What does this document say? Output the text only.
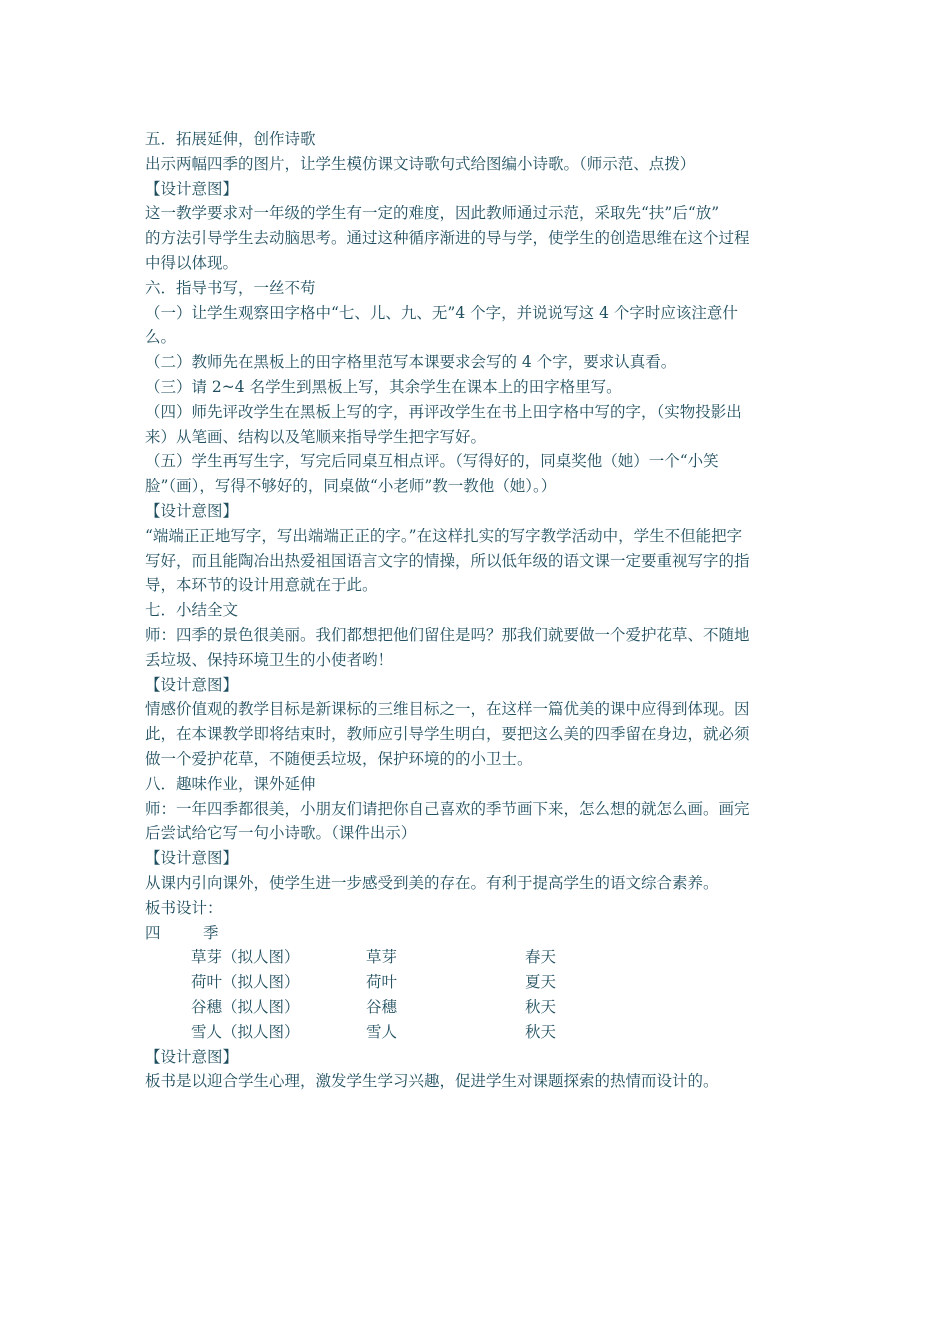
五．拓展延伸，创作诗歌
出示两幅四季的图片，让学生模仿课文诗歌句式给图编小诗歌。（师示范、点拨）
【设计意图】
这一教学要求对一年级的学生有一定的难度，因此教师通过示范，采取先“扶”后“放”
的方法引导学生去动脑思考。通过这种循序渐进的导与学，使学生的创造思维在这个过程
中得以体现。
六．指导书写，一丝不苟
（一）让学生观察田字格中“七、儿、九、无”4 个字，并说说写这 4 个字时应该注意什
么。
（二）教师先在黑板上的田字格里范写本课要求会写的 4 个字，要求认真看。
（三）请 2~4 名学生到黑板上写，其余学生在课本上的田字格里写。
（四）师先评改学生在黑板上写的字，再评改学生在书上田字格中写的字，（实物投影出
来）从笔画、结构以及笔顺来指导学生把字写好。
（五）学生再写生字，写完后同桌互相点评。（写得好的，同桌奖他（她）一个“小笑
脸”（画），写得不够好的，同桌做“小老师”教一教他（她）。）
【设计意图】
“端端正正地写字，写出端端正正的字。”在这样扎实的写字教学活动中，学生不但能把字
写好，而且能陶冶出热爱祖国语言文字的情操，所以低年级的语文课一定要重视写字的指
导，本环节的设计用意就在于此。
七．小结全文
师：四季的景色很美丽。我们都想把他们留住是吗？那我们就要做一个爱护花草、不随地
丢垃圾、保持环境卫生的小使者哟！
【设计意图】
情感价值观的教学目标是新课标的三维目标之一，在这样一篇优美的课中应得到体现。因
此，在本课教学即将结束时，教师应引导学生明白，要把这么美的四季留在身边，就必须
做一个爱护花草，不随便丢垃圾，保护环境的的小卫士。
八．趣味作业，课外延伸
师：一年四季都很美，小朋友们请把你自己喜欢的季节画下来，怎么想的就怎么画。画完
后尝试给它写一句小诗歌。（课件出示）
【设计意图】
从课内引向课外，使学生进一步感受到美的存在。有利于提高学生的语文综合素养。
板书设计：
四	季
草芽（拟人图）	草芽	春天
荷叶（拟人图）	荷叶	夏天
谷穗（拟人图）	谷穗	秋天
雪人（拟人图）	雪人	秋天
【设计意图】
板书是以迎合学生心理，激发学生学习兴趣，促进学生对课题探索的热情而设计的。
